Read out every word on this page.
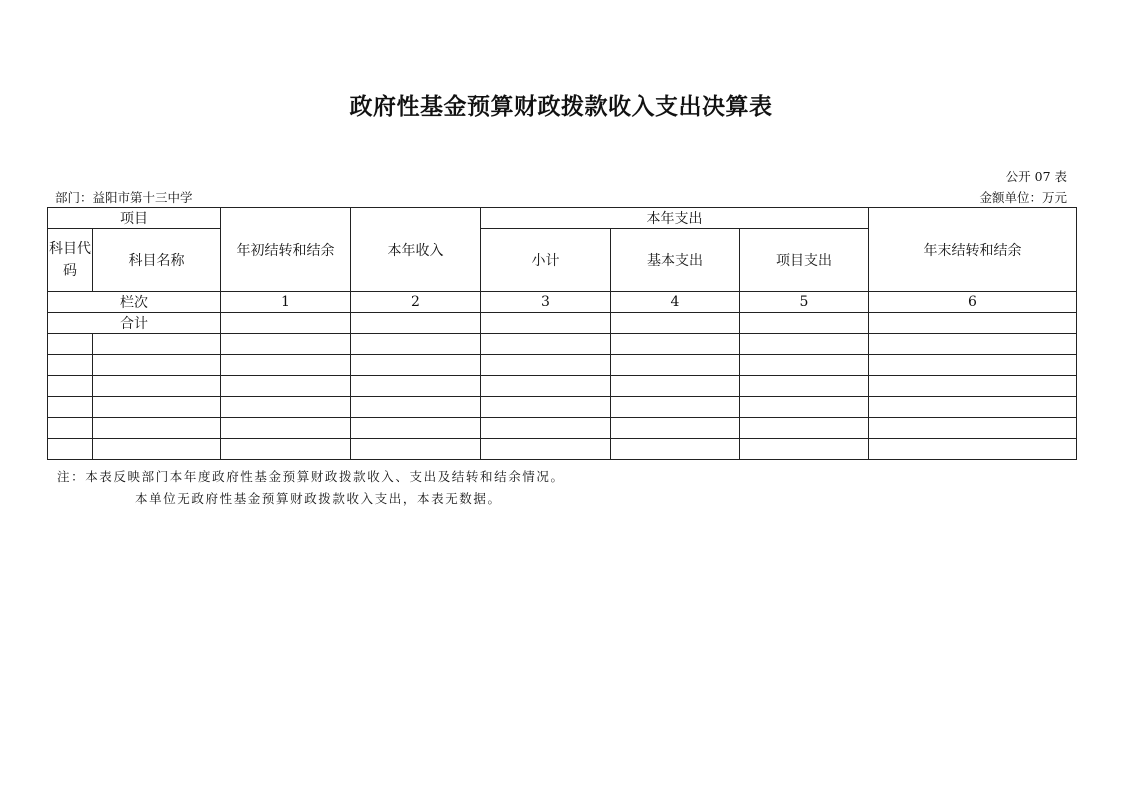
政府性基金预算财政拨款收入支出决算表
公开 07 表
部门：益阳市第十三中学	金额单位：万元
项目		年初结转和结余	本年收入	本年支出			年末结转和结余
科目代码	科目名称			小计	基本支出	项目支出	
栏次		1	2	3	4	5	6
合计							

注：本表反映部门本年度政府性基金预算财政拨款收入、支出及结转和结余情况。
本单位无政府性基金预算财政拨款收入支出，本表无数据。
